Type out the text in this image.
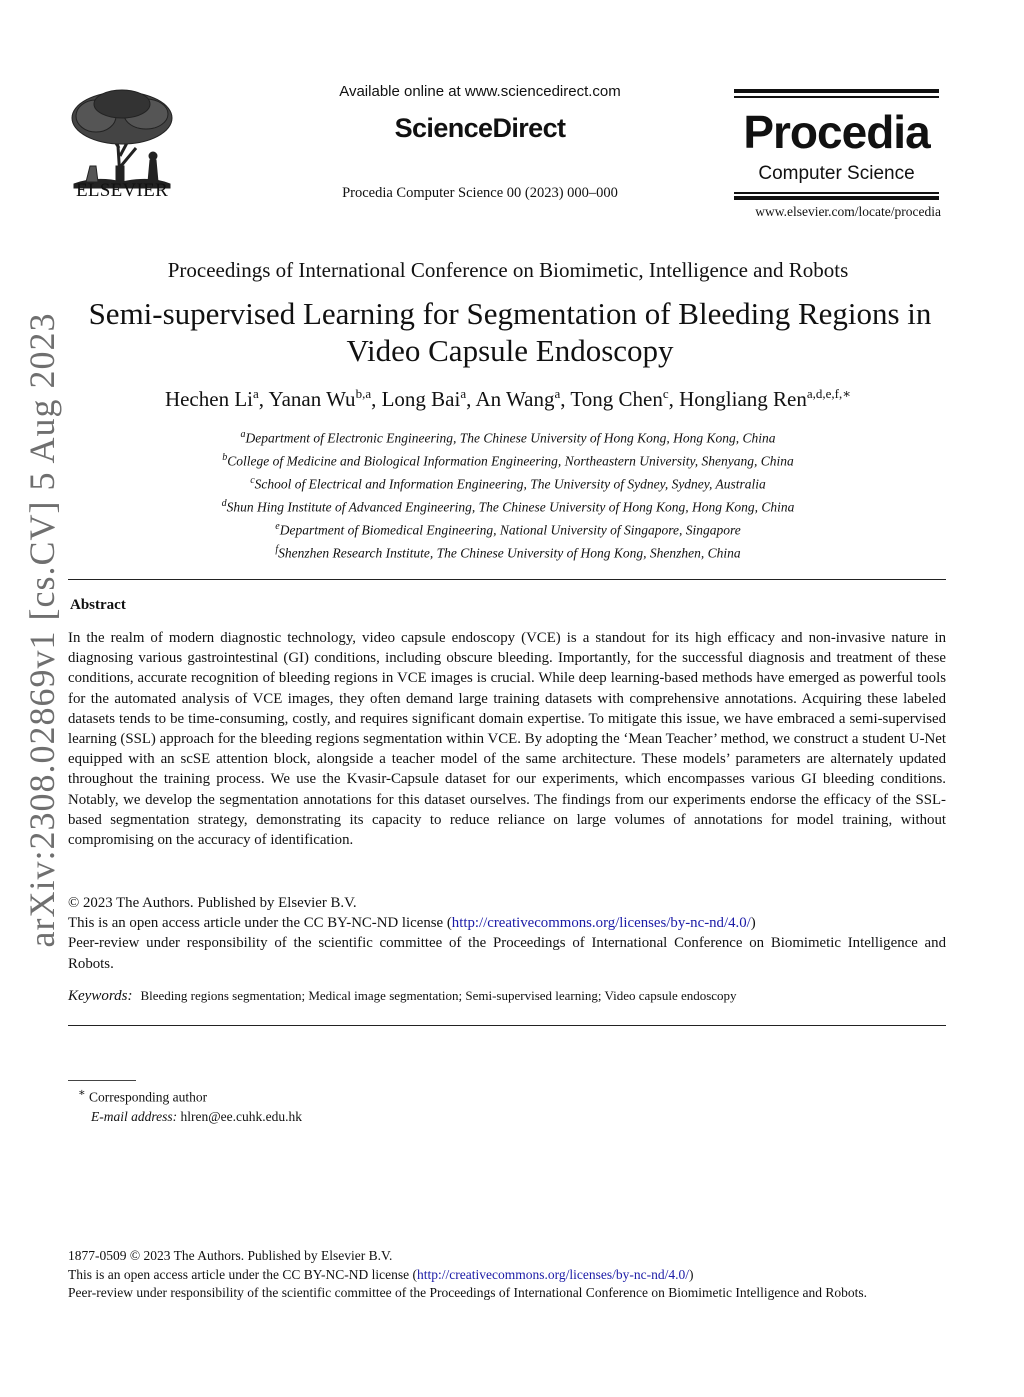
arXiv:2308.02869v1 [cs.CV] 5 Aug 2023
ELSEVIER
Available online at www.sciencedirect.com
ScienceDirect
Procedia Computer Science 00 (2023) 000–000
Procedia
Computer Science
www.elsevier.com/locate/procedia
Proceedings of International Conference on Biomimetic, Intelligence and Robots
Semi-supervised Learning for Segmentation of Bleeding Regions in
Video Capsule Endoscopy
Hechen Li$^a$, Yanan Wu$^{b,a}$, Long Bai$^a$, An Wang$^a$, Tong Chen$^c$, Hongliang Ren$^{a,d,e,f,∗}$
$^a$Department of Electronic Engineering, The Chinese University of Hong Kong, Hong Kong, China
$^b$College of Medicine and Biological Information Engineering, Northeastern University, Shenyang, China
$^c$School of Electrical and Information Engineering, The University of Sydney, Sydney, Australia
$^d$Shun Hing Institute of Advanced Engineering, The Chinese University of Hong Kong, Hong Kong, China
$^e$Department of Biomedical Engineering, National University of Singapore, Singapore
$^f$Shenzhen Research Institute, The Chinese University of Hong Kong, Shenzhen, China
Abstract
In the realm of modern diagnostic technology, video capsule endoscopy (VCE) is a standout for its high efficacy and non-invasive nature in diagnosing various gastrointestinal (GI) conditions, including obscure bleeding. Importantly, for the successful diagnosis and treatment of these conditions, accurate recognition of bleeding regions in VCE images is crucial. While deep learning-based methods have emerged as powerful tools for the automated analysis of VCE images, they often demand large training datasets with comprehensive annotations. Acquiring these labeled datasets tends to be time-consuming, costly, and requires significant domain expertise. To mitigate this issue, we have embraced a semi-supervised learning (SSL) approach for the bleeding regions segmentation within VCE. By adopting the ‘Mean Teacher’ method, we construct a student U-Net equipped with an scSE attention block, alongside a teacher model of the same architecture. These models’ parameters are alternately updated throughout the training process. We use the Kvasir-Capsule dataset for our experiments, which encompasses various GI bleeding conditions. Notably, we develop the segmentation annotations for this dataset ourselves. The findings from our experiments endorse the efficacy of the SSL-based segmentation strategy, demonstrating its capacity to reduce reliance on large volumes of annotations for model training, without compromising on the accuracy of identification.
© 2023 The Authors. Published by Elsevier B.V.
This is an open access article under the CC BY-NC-ND license (http://creativecommons.org/licenses/by-nc-nd/4.0/)
Peer-review under responsibility of the scientific committee of the Proceedings of International Conference on Biomimetic Intelligence and Robots.
Keywords: Bleeding regions segmentation; Medical image segmentation; Semi-supervised learning; Video capsule endoscopy
∗ Corresponding author
E-mail address: hlren@ee.cuhk.edu.hk
1877-0509 © 2023 The Authors. Published by Elsevier B.V.
This is an open access article under the CC BY-NC-ND license (http://creativecommons.org/licenses/by-nc-nd/4.0/)
Peer-review under responsibility of the scientific committee of the Proceedings of International Conference on Biomimetic Intelligence and Robots.
